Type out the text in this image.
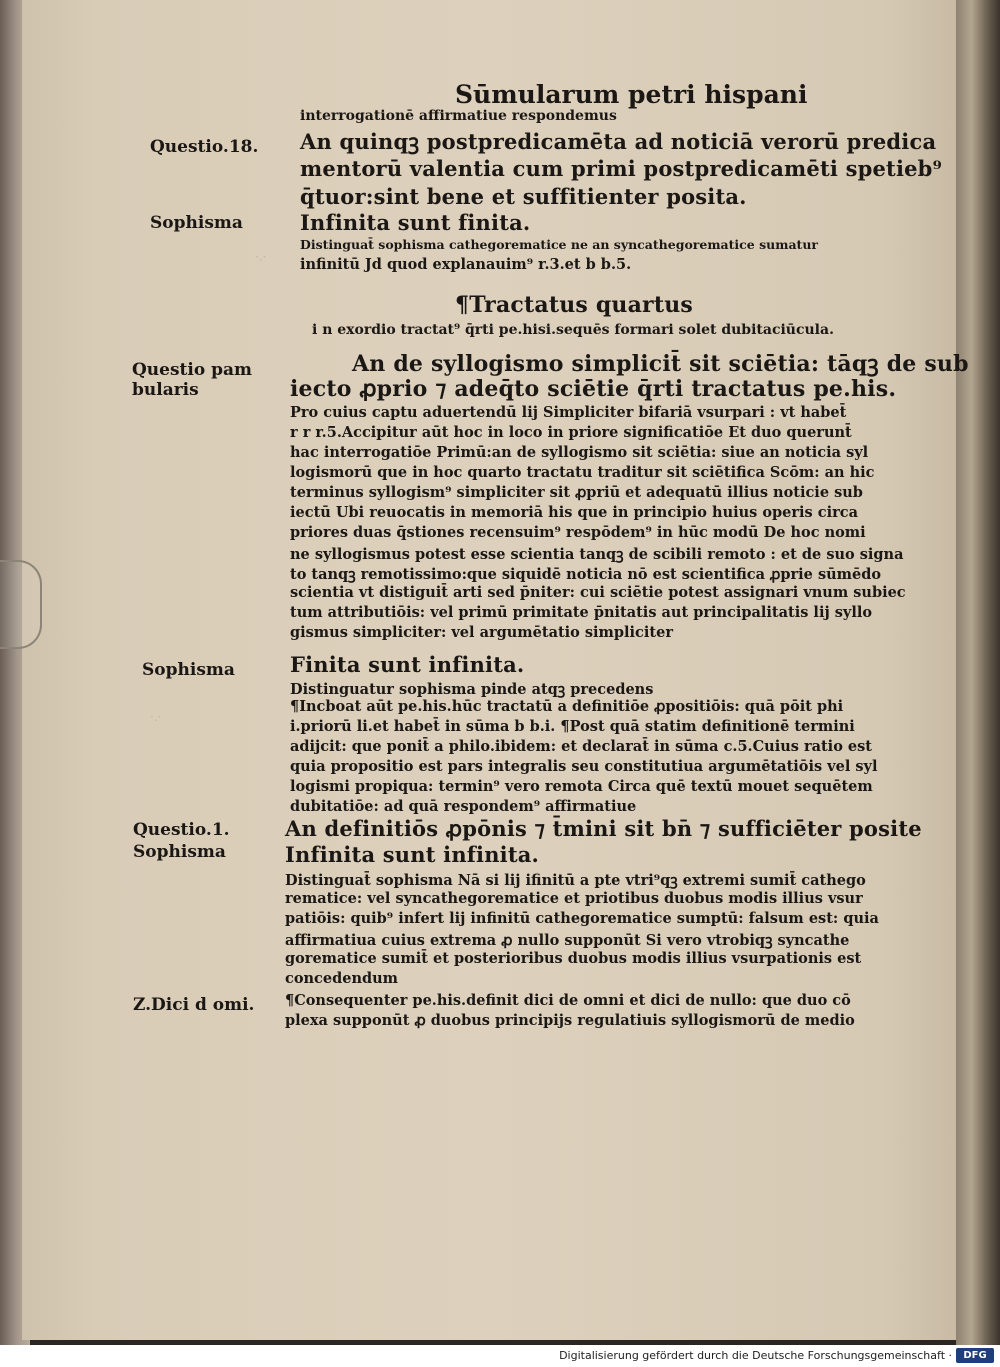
·.·
·.·
Sūmularum petri hispani
interrogationē affirmatiue respondemus
Questio.18.
Sophisma
Questio pam bularis
Sophisma
Questio.1.
Sophisma
Z.Dici d omi.
An quinqꝫ postpredicamēta ad noticiā verorū predica
mentorū valentia cum primi postpredicamēti spetieb⁹
q̄tuor:sint bene et suffitienter posita.
Infinita sunt finita.
Distinguat̄ sophisma cathegorematice ne an syncathegorematice sumatur
infinitū Jd quod explanauim⁹ r.3.et b b.5.
¶Tractatus quartus
i n exordio tractat⁹ q̄rti pe.hisi.sequēs formari solet dubitaciūcula.
An de syllogismo simplicit̄ sit sciētia: tāqꝫ de sub
iecto ꝓprio ⁊ adeq̄to sciētie q̄rti tractatus pe.his.
Pro cuius captu aduertendū lij Simpliciter bifariā vsurpari : vt habet̄
r r r.5.Accipitur aūt hoc in loco in priore significatiōe Et duo querunt̄
hac interrogatiōe Primū:an de syllogismo sit sciētia: siue an noticia syl
logismorū que in hoc quarto tractatu traditur sit sciētifica Scōm: an hic
terminus syllogism⁹ simpliciter sit ꝓpriū et adequatū illius noticie sub
iectū Ubi reuocatis in memoriā his que in principio huius operis circa
priores duas q̄stiones recensuim⁹ respōdem⁹ in hūc modū De hoc nomi
ne syllogismus potest esse scientia tanqꝫ de scibili remoto : et de suo signa
to tanqꝫ remotissimo:que siquidē noticia nō est scientifica ꝓprie sūmēdo
scientia vt distiguit̄ arti sed p̄niter: cui sciētie potest assignari vnum subiec
tum attributiōis: vel primū primitate p̄nitatis aut principalitatis lij syllo
gismus simpliciter: vel argumētatio simpliciter
Finita sunt infinita.
Distinguatur sophisma pinde atqꝫ precedens
¶Incboat aūt pe.his.hūc tractatū a definitiōe ꝓpositiōis: quā pōit phi
i.priorū li.et habet̄ in sūma b b.i. ¶Post quā statim definitionē termini
adijcit: que ponit̄ a philo.ibidem: et declarat̄ in sūma c.5.Cuius ratio est
quia propositio est pars integralis seu constitutiua argumētatiōis vel syl
logismi propiqua: termin⁹ vero remota Circa quē textū mouet sequētem
dubitatiōe: ad quā respondem⁹ affirmatiue
An definitiōs ꝓpōnis ⁊ t̄mini sit bn̄ ⁊ sufficiēter posite
Infinita sunt infinita.
Distinguat̄ sophisma Nā si lij ifinitū a pte vtri⁹qꝫ extremi sumit̄ cathego
rematice: vel syncathegorematice et priotibus duobus modis illius vsur
patiōis: quib⁹ infert lij infinitū cathegorematice sumptū: falsum est: quia
affirmatiua cuius extrema ꝓ nullo supponūt Si vero vtrobiqꝫ syncathe
gorematice sumit̄ et posterioribus duobus modis illius vsurpationis est
concedendum
¶Consequenter pe.his.definit dici de omni et dici de nullo: que duo cō
plexa supponūt ꝓ duobus principijs regulatiuis syllogismorū de medio
Digitalisierung gefördert durch die Deutsche Forschungsgemeinschaft ·	DFG
